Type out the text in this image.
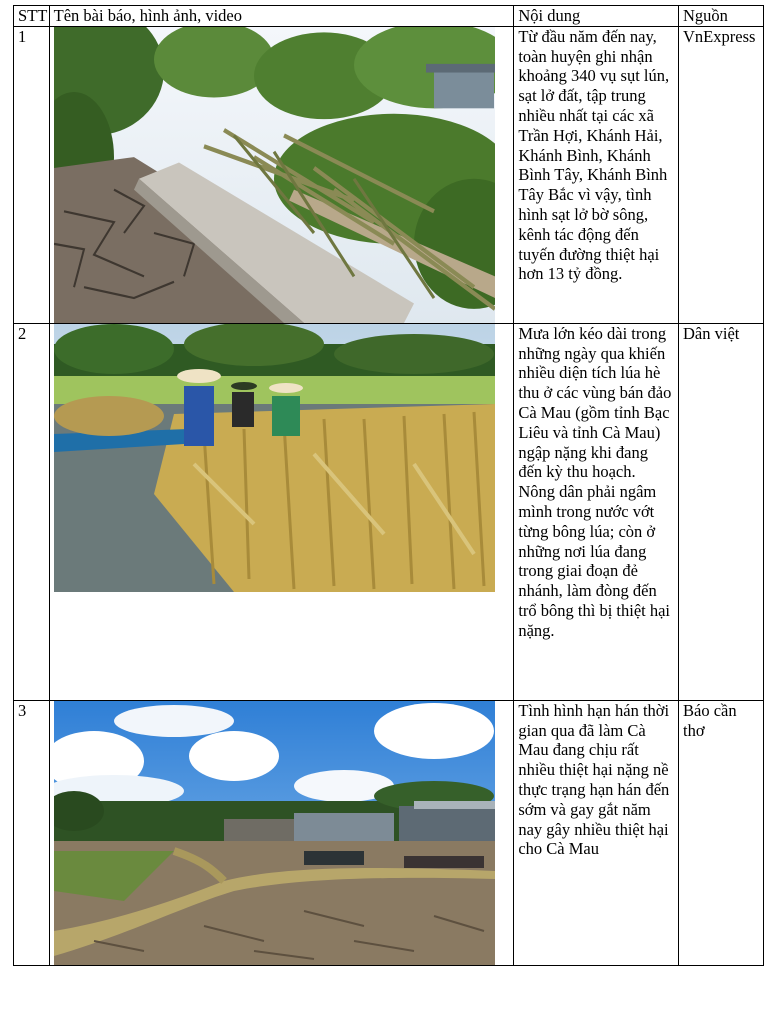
STT	Tên bài báo, hình ảnh, video	Nội dung	Nguồn
1		Từ đầu năm đến nay, toàn huyện ghi nhận khoảng 340 vụ sụt lún, sạt lở đất, tập trung nhiều nhất tại các xã Trần Hợi, Khánh Hải, Khánh Bình, Khánh Bình Tây, Khánh Bình Tây Bắc vì vậy, tình hình sạt lở bờ sông, kênh tác động đến tuyến đường thiệt hại hơn 13 tỷ đồng.	VnExpress
2		Mưa lớn kéo dài trong những ngày qua khiến nhiều diện tích lúa hè thu ở các vùng bán đảo Cà Mau (gồm tỉnh Bạc Liêu và tỉnh Cà Mau) ngập nặng khi đang đến kỳ thu hoạch. Nông dân phải ngâm mình trong nước vớt từng bông lúa; còn ở những nơi lúa đang trong giai đoạn đẻ nhánh, làm đòng đến trổ bông thì bị thiệt hại nặng.	Dân việt
3		Tình hình hạn hán thời gian qua đã làm Cà Mau đang chịu rất nhiều thiệt hại nặng nề thực trạng hạn hán đến sớm và gay gắt năm nay gây nhiều thiệt hại cho Cà Mau	Báo cần thơ
